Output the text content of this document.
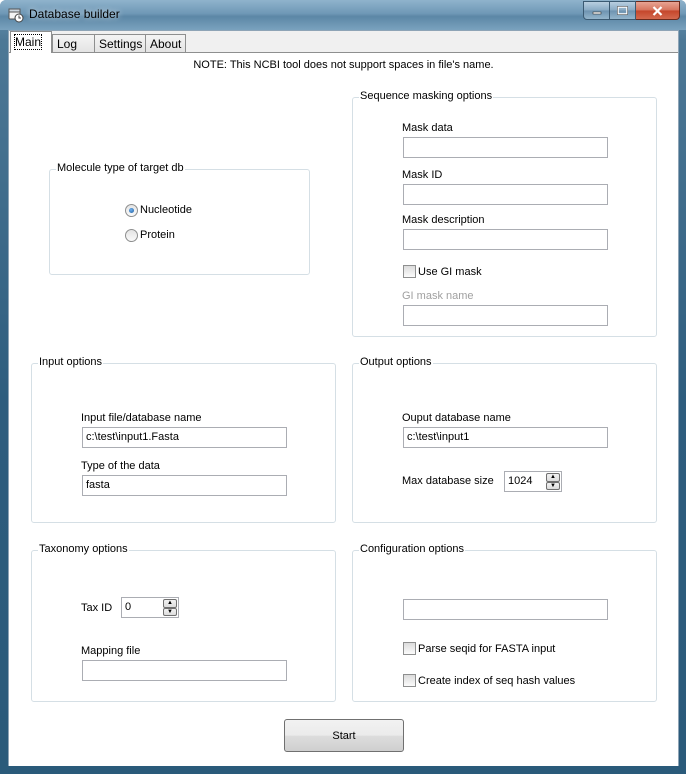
Database builder
Main	Log	Settings About
NOTE: This NCBI tool does not support spaces in file's name.
Sequence masking options
Mask data
Mask ID
Mask description
Use GI mask
GI mask name
Molecule type of target db
Nucleotide
Protein
Input options
Input file/database name
c:\test\input1.Fasta
Type of the data
fasta
Output options
Ouput database name
c:\test\input1
Max database size	1024	▲
▼
Taxonomy options
Tax ID	0	▲
▼
Mapping file
Configuration options
Parse seqid for FASTA input
Create index of seq hash values
Start
